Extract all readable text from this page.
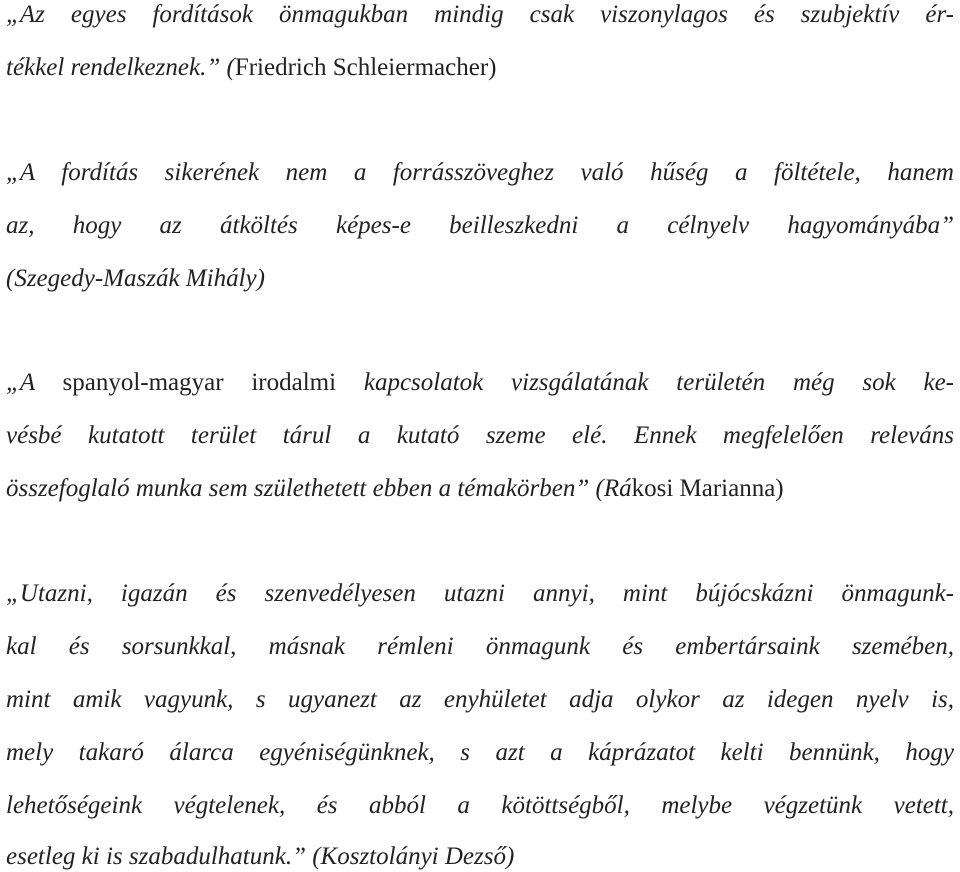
„Az egyes fordítások önmagukban mindig csak viszonylagos és szubjektív ér-
tékkel rendelkeznek.” (Friedrich Schleiermacher)
„A fordítás sikerének nem a forrásszöveghez való hűség a föltétele, hanem
az, hogy az átköltés képes-e beilleszkedni a célnyelv hagyományába”
(Szegedy-Maszák Mihály)
„A spanyol-magyar irodalmi kapcsolatok vizsgálatának területén még sok ke-
vésbé kutatott terület tárul a kutató szeme elé. Ennek megfelelően releváns
összefoglaló munka sem születhetett ebben a témakörben” (Rákosi Marianna)
„Utazni, igazán és szenvedélyesen utazni annyi, mint bújócskázni önmagunk-
kal és sorsunkkal, másnak rémleni önmagunk és embertársaink szemében,
mint amik vagyunk, s ugyanezt az enyhületet adja olykor az idegen nyelv is,
mely takaró álarca egyéniségünknek, s azt a káprázatot kelti bennünk, hogy
lehetőségeink végtelenek, és abból a kötöttségből, melybe végzetünk vetett,
esetleg ki is szabadulhatunk.” (Kosztolányi Dezső)
